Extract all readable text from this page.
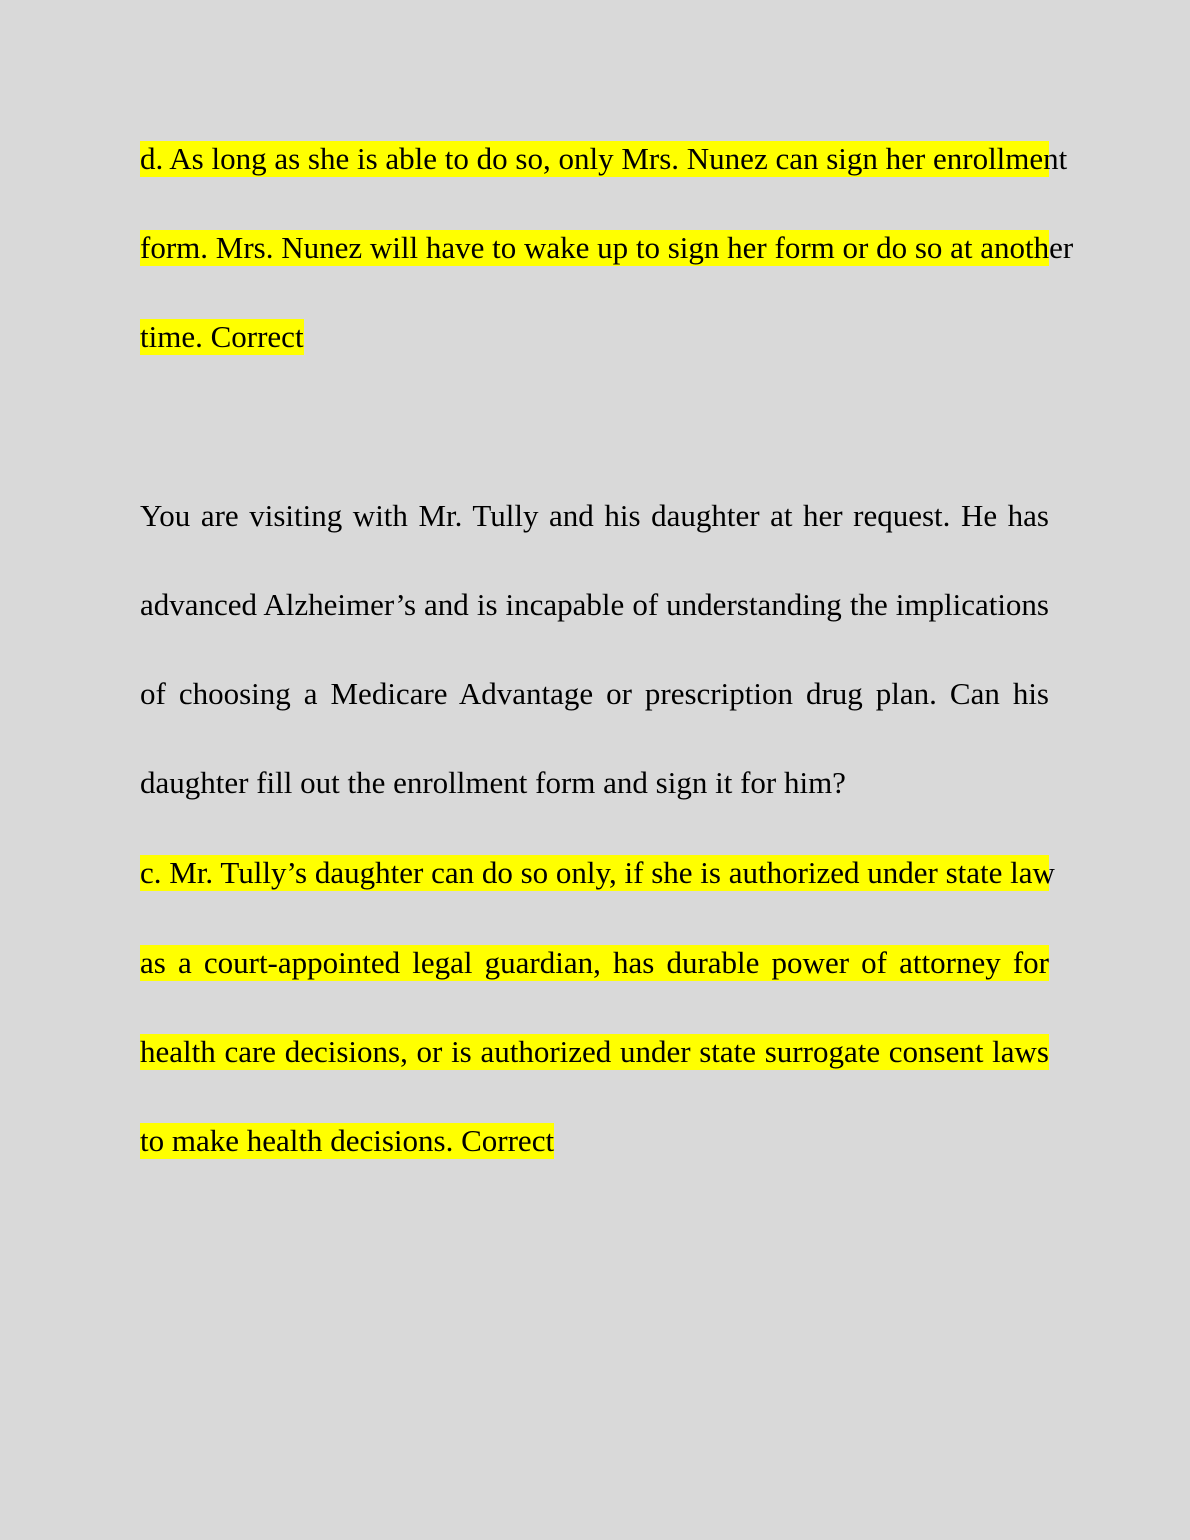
d. As long as she is able to do so, only Mrs. Nunez can sign her enrollment
form. Mrs. Nunez will have to wake up to sign her form or do so at another
time. Correct
You are visiting with Mr. Tully and his daughter at her request. He has
advanced Alzheimer’s and is incapable of understanding the implications
of choosing a Medicare Advantage or prescription drug plan. Can his
daughter fill out the enrollment form and sign it for him?
c. Mr. Tully’s daughter can do so only, if she is authorized under state law
as a court-appointed legal guardian, has durable power of attorney for
health care decisions, or is authorized under state surrogate consent laws
to make health decisions. Correct
